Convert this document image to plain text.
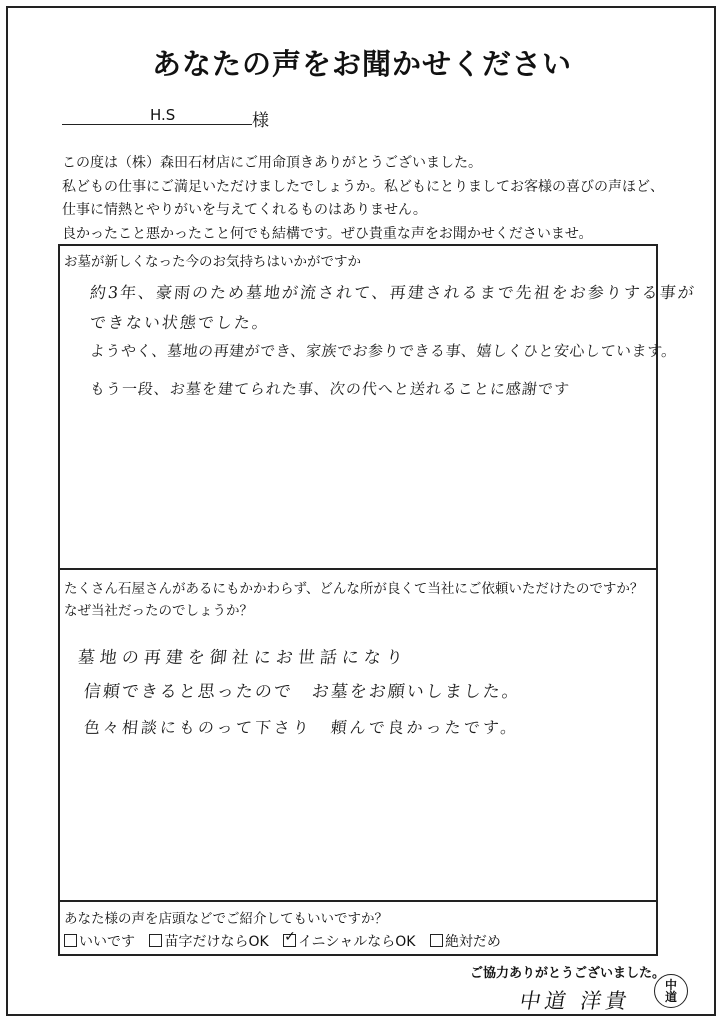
あなたの声をお聞かせください
H.S	様
この度は（株）森田石材店にご用命頂きありがとうございました。
私どもの仕事にご満足いただけましたでしょうか。私どもにとりましてお客様の喜びの声ほど、
仕事に情熱とやりがいを与えてくれるものはありません。
良かったこと悪かったこと何でも結構です。ぜひ貴重な声をお聞かせくださいませ。
お墓が新しくなった今のお気持ちはいかがですか
約3年、豪雨のため墓地が流されて、再建されるまで先祖をお参りする事が
できない状態でした。
ようやく、墓地の再建ができ、家族でお参りできる事、嬉しくひと安心しています。
もう一段、お墓を建てられた事、次の代へと送れることに感謝です
たくさん石屋さんがあるにもかかわらず、どんな所が良くて当社にご依頼いただけたのですか？
なぜ当社だったのでしょうか？
墓地の再建を御社にお世話になり
信頼できると思ったので　お墓をお願いしました。
色々相談にものって下さり　頼んで良かったです。
あなた様の声を店頭などでご紹介してもいいですか？
いいです 苗字だけならOK ✓ イニシャルならOK 絶対だめ
ご協力ありがとうございました。
中道 洋貴
中
道
